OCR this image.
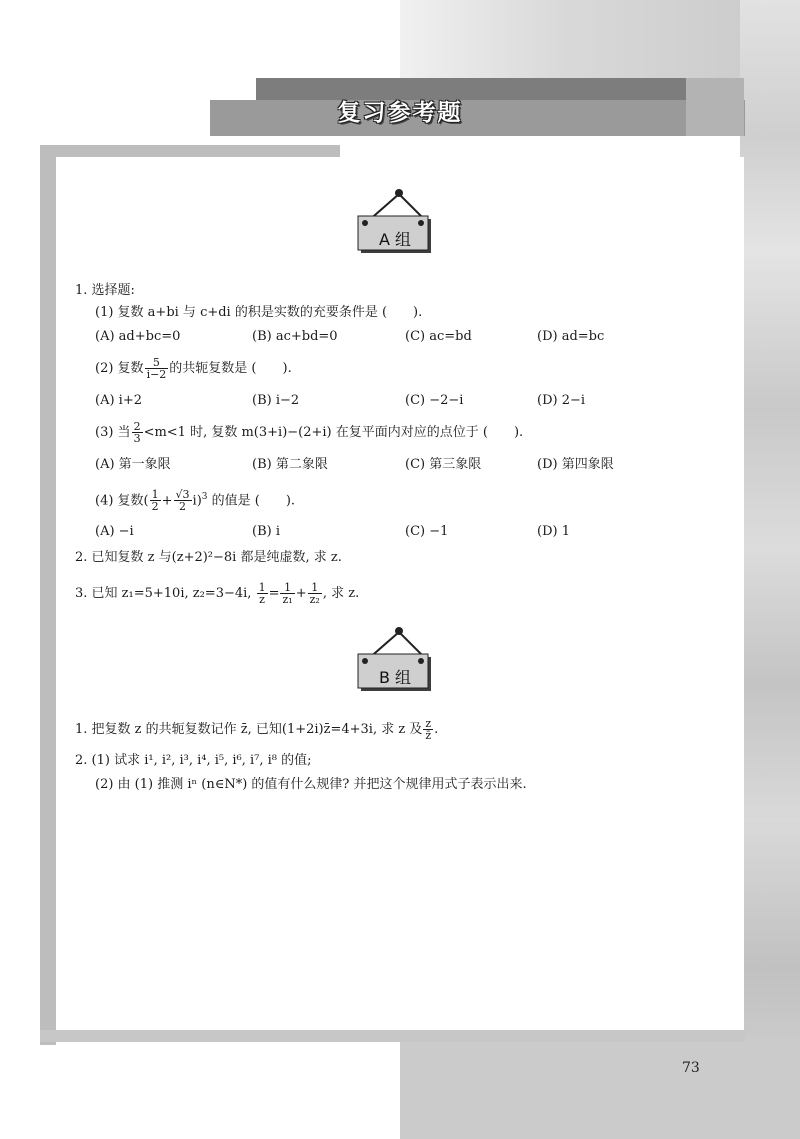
复习参考题
A 组
1. 选择题:
(1) 复数 a+bi 与 c+di 的积是实数的充要条件是 (　　).
(A) ad+bc=0	(B) ac+bd=0	(C) ac=bd	(D) ad=bc
(2) 复数 $\frac{5}{i-2}$ 的共轭复数是 (　　).
(A) i+2	(B) i−2	(C) −2−i	(D) 2−i
(3) 当 $\frac{2}{3} <m<1$ 时, 复数 m(3+i)−(2+i) 在复平面内对应的点位于 (　　).
(A) 第一象限	(B) 第二象限	(C) 第三象限	(D) 第四象限
(4) 复数( $\frac{1}{2} + \frac{√3}{2} i)^3$ 的值是 (　　).
(A) −i	(B) i	(C) −1	(D) 1
2. 已知复数 z 与(z+2)²−8i 都是纯虚数, 求 z.
3. 已知 z₁=5+10i, z₂=3−4i, $\frac{1}{z} = \frac{1}{\text{z₁}} + \frac{1}{\text{z₂}}$ , 求 z.
B 组
1. 把复数 z 的共轭复数记作 z̄, 已知(1+2i)z̄=4+3i, 求 z 及 $\frac{z}{z̄}$ .
2. (1) 试求 i¹, i², i³, i⁴, i⁵, i⁶, i⁷, i⁸ 的值;
(2) 由 (1) 推测 iⁿ (n∈N*) 的值有什么规律? 并把这个规律用式子表示出来.
73
